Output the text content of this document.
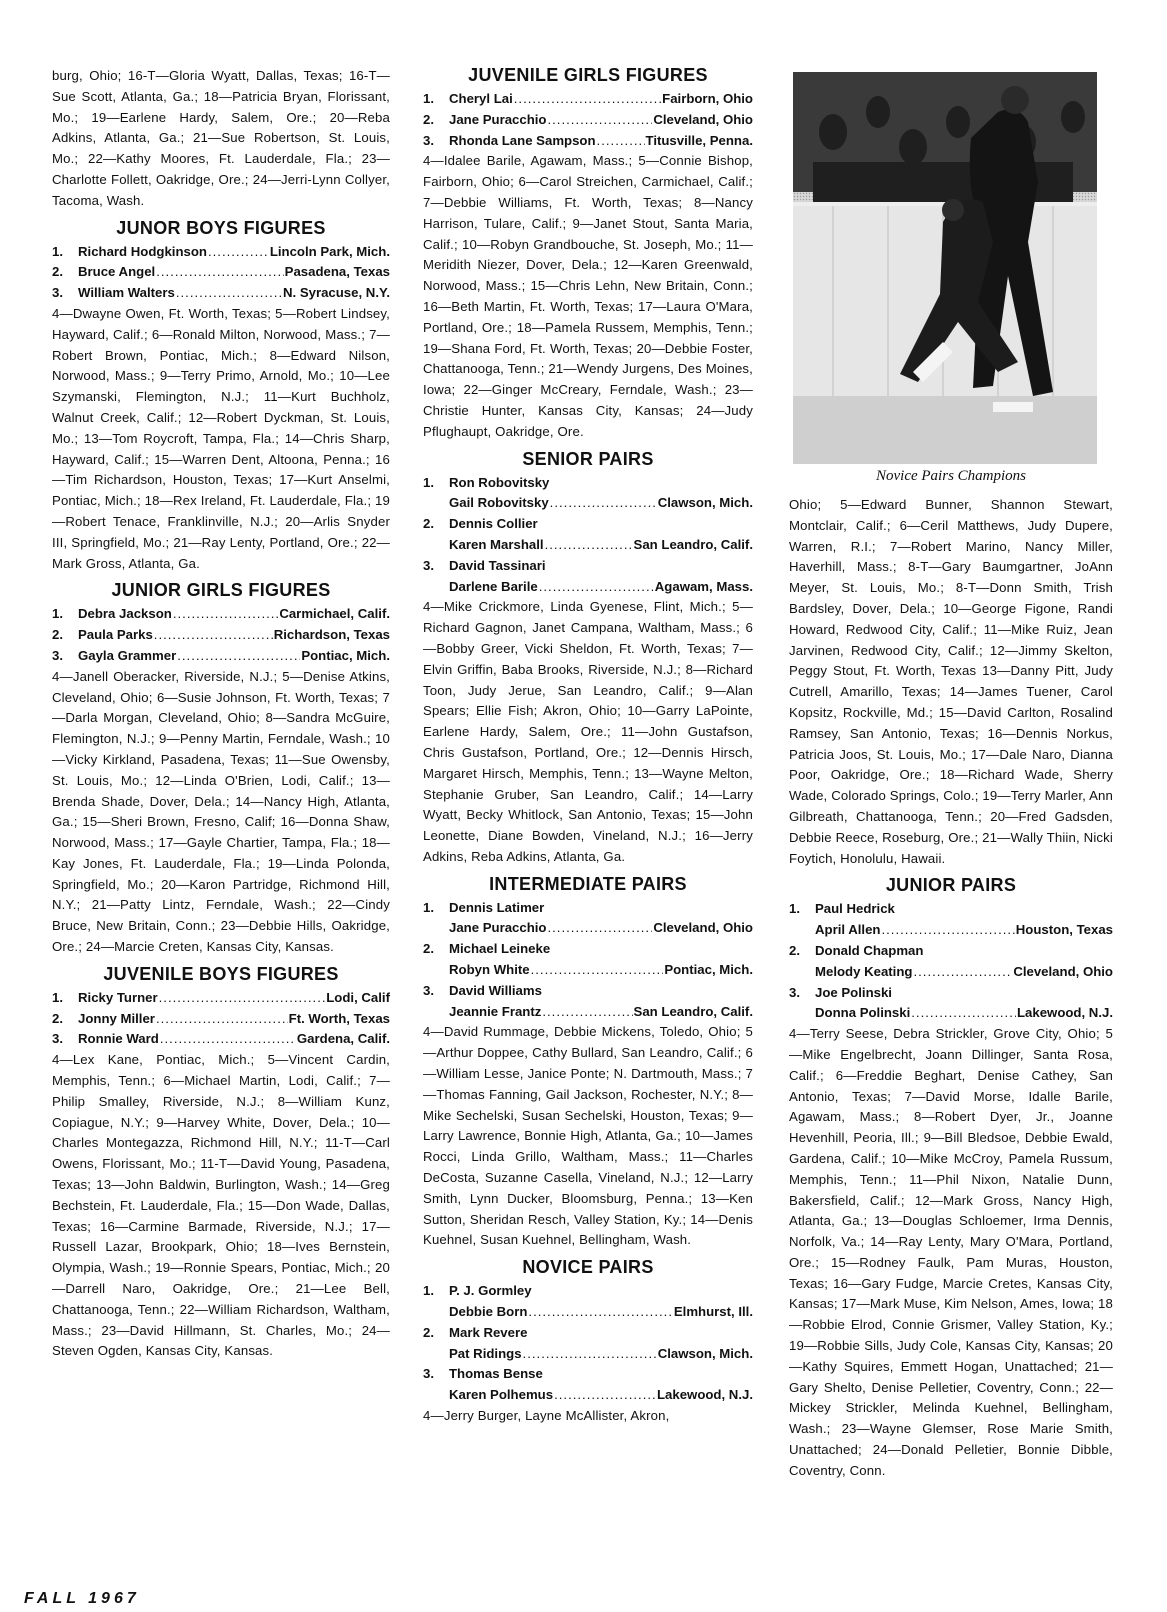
burg, Ohio; 16-T—Gloria Wyatt, Dallas, Texas; 16-T—Sue Scott, Atlanta, Ga.; 18—Patricia Bryan, Florissant, Mo.; 19—Earlene Hardy, Salem, Ore.; 20—Reba Adkins, Atlanta, Ga.; 21—Sue Robertson, St. Louis, Mo.; 22—Kathy Moores, Ft. Lauderdale, Fla.; 23—Charlotte Follett, Oakridge, Ore.; 24—Jerri-Lynn Collyer, Tacoma, Wash.

JUNOR BOYS FIGURES
1.	Richard Hodgkinson .....	Lincoln Park, Mich.
2.	Bruce Angel .....	Pasadena, Texas
3.	William Walters .....	N. Syracuse, N.Y.

4—Dwayne Owen, Ft. Worth, Texas; 5—Robert Lindsey, Hayward, Calif.; 6—Ronald Milton, Norwood, Mass.; 7—Robert Brown, Pontiac, Mich.; 8—Edward Nilson, Norwood, Mass.; 9—Terry Primo, Arnold, Mo.; 10—Lee Szymanski, Flemington, N.J.; 11—Kurt Buchholz, Walnut Creek, Calif.; 12—Robert Dyckman, St. Louis, Mo.; 13—Tom Roycroft, Tampa, Fla.; 14—Chris Sharp, Hayward, Calif.; 15—Warren Dent, Altoona, Penna.; 16—Tim Richardson, Houston, Texas; 17—Kurt Anselmi, Pontiac, Mich.; 18—Rex Ireland, Ft. Lauderdale, Fla.; 19—Robert Tenace, Franklinville, N.J.; 20—Arlis Snyder III, Springfield, Mo.; 21—Ray Lenty, Portland, Ore.; 22—Mark Gross, Atlanta, Ga.

JUNIOR GIRLS FIGURES
1.	Debra Jackson .....	Carmichael, Calif.
2.	Paula Parks .....	Richardson, Texas
3.	Gayla Grammer .....	Pontiac, Mich.

4—Janell Oberacker, Riverside, N.J.; 5—Denise Atkins, Cleveland, Ohio; 6—Susie Johnson, Ft. Worth, Texas; 7—Darla Morgan, Cleveland, Ohio; 8—Sandra McGuire, Flemington, N.J.; 9—Penny Martin, Ferndale, Wash.; 10—Vicky Kirkland, Pasadena, Texas; 11—Sue Owensby, St. Louis, Mo.; 12—Linda O'Brien, Lodi, Calif.; 13— Brenda Shade, Dover, Dela.; 14—Nancy High, Atlanta, Ga.; 15—Sheri Brown, Fresno, Calif; 16—Donna Shaw, Norwood, Mass.; 17—Gayle Chartier, Tampa, Fla.; 18—Kay Jones, Ft. Lauderdale, Fla.; 19—Linda Polonda, Springfield, Mo.; 20—Karon Partridge, Richmond Hill, N.Y.; 21—Patty Lintz, Ferndale, Wash.; 22—Cindy Bruce, New Britain, Conn.; 23—Debbie Hills, Oakridge, Ore.; 24—Marcie Creten, Kansas City, Kansas.

JUVENILE BOYS FIGURES
1.	Ricky Turner .....	Lodi, Calif
2.	Jonny Miller .....	Ft. Worth, Texas
3.	Ronnie Ward .....	Gardena, Calif.

4—Lex Kane, Pontiac, Mich.; 5—Vincent Cardin, Memphis, Tenn.; 6—Michael Martin, Lodi, Calif.; 7—Philip Smalley, Riverside, N.J.; 8—William Kunz, Copiague, N.Y.; 9—Harvey White, Dover, Dela.; 10—Charles Montegazza, Richmond Hill, N.Y.; 11-T—Carl Owens, Florissant, Mo.; 11-T—David Young, Pasadena, Texas; 13—John Baldwin, Burlington, Wash.; 14—Greg Bechstein, Ft. Lauderdale, Fla.; 15—Don Wade, Dallas, Texas; 16—Carmine Barmade, Riverside, N.J.; 17—Russell Lazar, Brookpark, Ohio; 18—Ives Bernstein, Olympia, Wash.; 19—Ronnie Spears, Pontiac, Mich.; 20—Darrell Naro, Oakridge, Ore.; 21—Lee Bell, Chattanooga, Tenn.; 22—William Richardson, Waltham, Mass.; 23—David Hillmann, St. Charles, Mo.; 24—Steven Ogden, Kansas City, Kansas.

JUVENILE GIRLS FIGURES
1.	Cheryl Lai .....	Fairborn, Ohio
2.	Jane Puracchio .....	Cleveland, Ohio
3.	Rhonda Lane Sampson .....	Titusville, Penna.

4—Idalee Barile, Agawam, Mass.; 5—Connie Bishop, Fairborn, Ohio; 6—Carol Streichen, Carmichael, Calif.; 7—Debbie Williams, Ft. Worth, Texas; 8—Nancy Harrison, Tulare, Calif.; 9—Janet Stout, Santa Maria, Calif.; 10—Robyn Grandbouche, St. Joseph, Mo.; 11—Meridith Niezer, Dover, Dela.; 12—Karen Greenwald, Norwood, Mass.; 15—Chris Lehn, New Britain, Conn.; 16—Beth Martin, Ft. Worth, Texas; 17—Laura O'Mara, Portland, Ore.; 18—Pamela Russem, Memphis, Tenn.; 19—Shana Ford, Ft. Worth, Texas; 20—Debbie Foster, Chattanooga, Tenn.; 21—Wendy Jurgens, Des Moines, Iowa; 22—Ginger McCreary, Ferndale, Wash.; 23—Christie Hunter, Kansas City, Kansas; 24—Judy Pflughaupt, Oakridge, Ore.

SENIOR PAIRS
1.	Ron Robovitsky
Gail Robovitsky .....	Clawson, Mich.
2.	Dennis Collier
Karen Marshall .....	San Leandro, Calif.
3.	David Tassinari
Darlene Barile .....	Agawam, Mass.

4—Mike Crickmore, Linda Gyenese, Flint, Mich.; 5—Richard Gagnon, Janet Campana, Waltham, Mass.; 6—Bobby Greer, Vicki Sheldon, Ft. Worth, Texas; 7—Elvin Griffin, Baba Brooks, Riverside, N.J.; 8—Richard Toon, Judy Jerue, San Leandro, Calif.; 9—Alan Spears; Ellie Fish; Akron, Ohio; 10—Garry LaPointe, Earlene Hardy, Salem, Ore.; 11—John Gustafson, Chris Gustafson, Portland, Ore.; 12—Dennis Hirsch, Margaret Hirsch, Memphis, Tenn.; 13—Wayne Melton, Stephanie Gruber, San Leandro, Calif.; 14—Larry Wyatt, Becky Whitlock, San Antonio, Texas; 15—John Leonette, Diane Bowden, Vineland, N.J.; 16—Jerry Adkins, Reba Adkins, Atlanta, Ga.

INTERMEDIATE PAIRS
1.	Dennis Latimer
Jane Puracchio .....	Cleveland, Ohio
2.	Michael Leineke
Robyn White .....	Pontiac, Mich.
3.	David Williams
Jeannie Frantz .....	San Leandro, Calif.

4—David Rummage, Debbie Mickens, Toledo, Ohio; 5—Arthur Doppee, Cathy Bullard, San Leandro, Calif.; 6—William Lesse, Janice Ponte; N. Dartmouth, Mass.; 7—Thomas Fanning, Gail Jackson, Rochester, N.Y.; 8—Mike Sechelski, Susan Sechelski, Houston, Texas; 9—Larry Lawrence, Bonnie High, Atlanta, Ga.; 10—James Rocci, Linda Grillo, Waltham, Mass.; 11—Charles DeCosta, Suzanne Casella, Vineland, N.J.; 12—Larry Smith, Lynn Ducker, Bloomsburg, Penna.; 13—Ken Sutton, Sheridan Resch, Valley Station, Ky.; 14—Denis Kuehnel, Susan Kuehnel, Bellingham, Wash.

NOVICE PAIRS
1.	P. J. Gormley
Debbie Born .....	Elmhurst, Ill.
2.	Mark Revere
Pat Ridings .....	Clawson, Mich.
3.	Thomas Bense
Karen Polhemus .....	Lakewood, N.J.

4—Jerry Burger, Layne McAllister, Akron,

Novice Pairs Champions

Ohio; 5—Edward Bunner, Shannon Stewart, Montclair, Calif.; 6—Ceril Matthews, Judy Dupere, Warren, R.I.; 7—Robert Marino, Nancy Miller, Haverhill, Mass.; 8-T—Gary Baumgartner, JoAnn Meyer, St. Louis, Mo.; 8-T—Donn Smith, Trish Bardsley, Dover, Dela.; 10—George Figone, Randi Howard, Redwood City, Calif.; 11—Mike Ruiz, Jean Jarvinen, Redwood City, Calif.; 12—Jimmy Skelton, Peggy Stout, Ft. Worth, Texas 13—Danny Pitt, Judy Cutrell, Amarillo, Texas; 14—James Tuener, Carol Kopsitz, Rockville, Md.; 15—David Carlton, Rosalind Ramsey, San Antonio, Texas; 16—Dennis Norkus, Patricia Joos, St. Louis, Mo.; 17—Dale Naro, Dianna Poor, Oakridge, Ore.; 18—Richard Wade, Sherry Wade, Colorado Springs, Colo.; 19—Terry Marler, Ann Gilbreath, Chattanooga, Tenn.; 20—Fred Gadsden, Debbie Reece, Roseburg, Ore.; 21—Wally Thiin, Nicki Foytich, Honolulu, Hawaii.

JUNIOR PAIRS
1.	Paul Hedrick
April Allen .....	Houston, Texas
2.	Donald Chapman
Melody Keating .....	Cleveland, Ohio
3.	Joe Polinski
Donna Polinski .....	Lakewood, N.J.

4—Terry Seese, Debra Strickler, Grove City, Ohio; 5—Mike Engelbrecht, Joann Dillinger, Santa Rosa, Calif.; 6—Freddie Beghart, Denise Cathey, San Antonio, Texas; 7—David Morse, Idalle Barile, Agawam, Mass.; 8—Robert Dyer, Jr., Joanne Hevenhill, Peoria, Ill.; 9—Bill Bledsoe, Debbie Ewald, Gardena, Calif.; 10—Mike McCroy, Pamela Russum, Memphis, Tenn.; 11—Phil Nixon, Natalie Dunn, Bakersfield, Calif.; 12—Mark Gross, Nancy High, Atlanta, Ga.; 13—Douglas Schloemer, Irma Dennis, Norfolk, Va.; 14—Ray Lenty, Mary O'Mara, Portland, Ore.; 15—Rodney Faulk, Pam Muras, Houston, Texas; 16—Gary Fudge, Marcie Cretes, Kansas City, Kansas; 17—Mark Muse, Kim Nelson, Ames, Iowa; 18—Robbie Elrod, Connie Grismer, Valley Station, Ky.; 19—Robbie Sills, Judy Cole, Kansas City, Kansas; 20—Kathy Squires, Emmett Hogan, Unattached; 21—Gary Shelto, Denise Pelletier, Coventry, Conn.; 22—Mickey Strickler, Melinda Kuehnel, Bellingham, Wash.; 23—Wayne Glemser, Rose Marie Smith, Unattached; 24—Donald Pelletier, Bonnie Dibble, Coventry, Conn.

FALL 1967
